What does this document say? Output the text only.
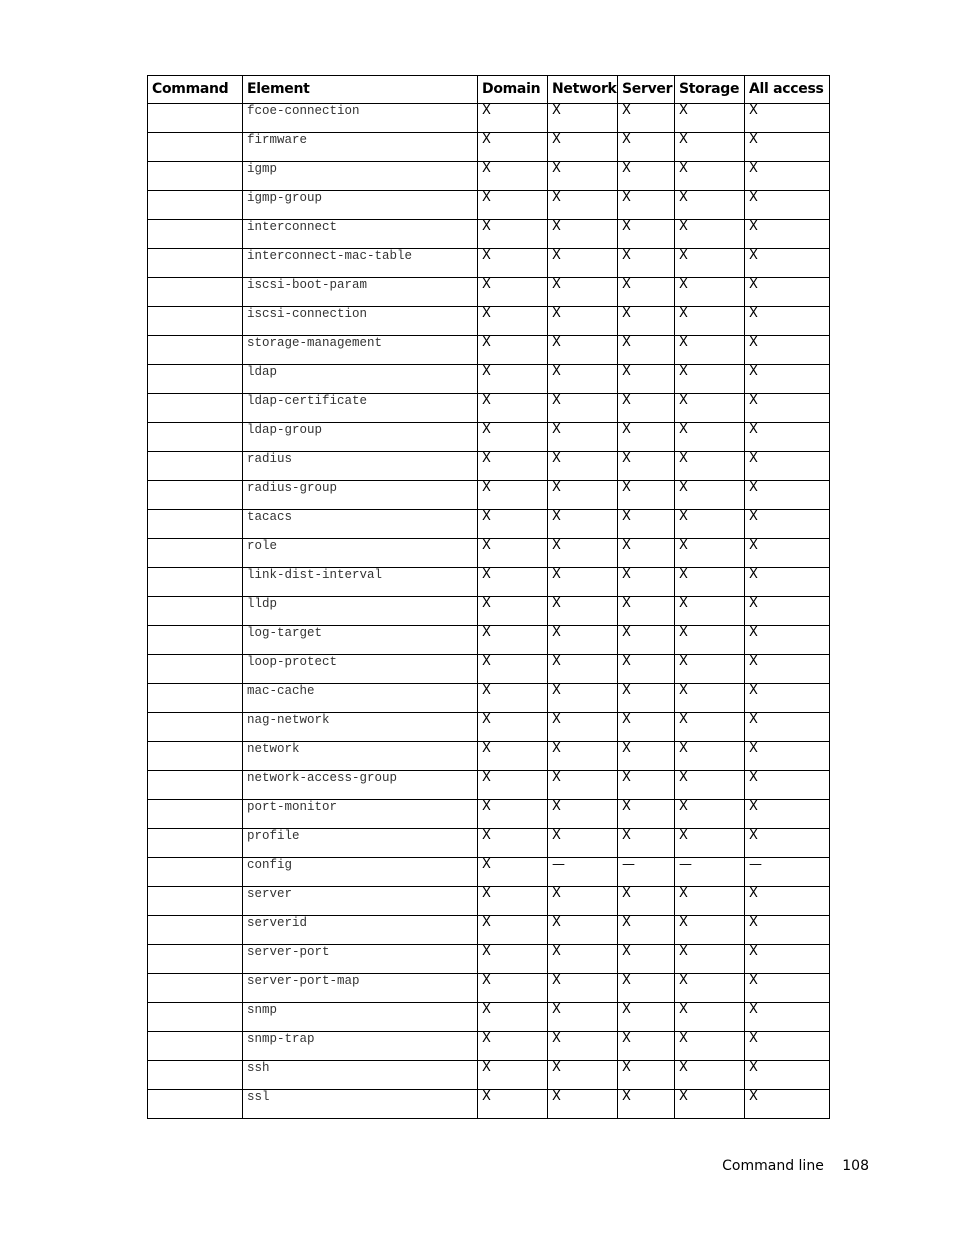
Command	Element	Domain	Network	Server	Storage	All access
	fcoe-connection	X	X	X	X	X
	firmware	X	X	X	X	X
	igmp	X	X	X	X	X
	igmp-group	X	X	X	X	X
	interconnect	X	X	X	X	X
	interconnect-mac-table	X	X	X	X	X
	iscsi-boot-param	X	X	X	X	X
	iscsi-connection	X	X	X	X	X
	storage-management	X	X	X	X	X
	ldap	X	X	X	X	X
	ldap-certificate	X	X	X	X	X
	ldap-group	X	X	X	X	X
	radius	X	X	X	X	X
	radius-group	X	X	X	X	X
	tacacs	X	X	X	X	X
	role	X	X	X	X	X
	link-dist-interval	X	X	X	X	X
	lldp	X	X	X	X	X
	log-target	X	X	X	X	X
	loop-protect	X	X	X	X	X
	mac-cache	X	X	X	X	X
	nag-network	X	X	X	X	X
	network	X	X	X	X	X
	network-access-group	X	X	X	X	X
	port-monitor	X	X	X	X	X
	profile	X	X	X	X	X
	config	X	—	—	—	—
	server	X	X	X	X	X
	serverid	X	X	X	X	X
	server-port	X	X	X	X	X
	server-port-map	X	X	X	X	X
	snmp	X	X	X	X	X
	snmp-trap	X	X	X	X	X
	ssh	X	X	X	X	X
	ssl	X	X	X	X	X
Command line 108
